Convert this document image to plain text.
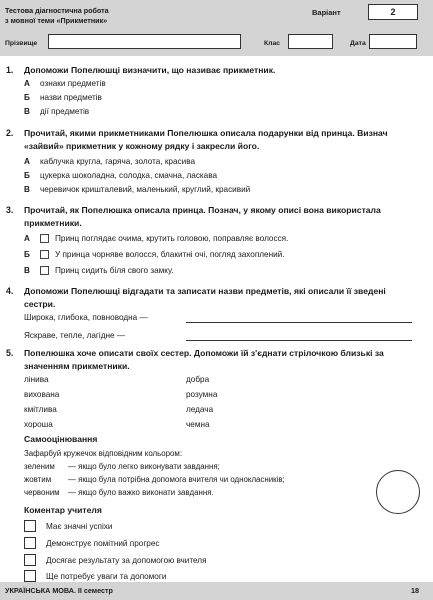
Тестова діагностична робота
з мовної теми «Прикметник»
Варіант	2
Прізвище	Клас	Дата
1. Допоможи Попелюшці визначити, що називає прикметник.
А ознаки предметів
Б назви предметів
В дії предметів
2. Прочитай, якими прикметниками Попелюшка описала подарунки від принца. Визнач
«зайвий» прикметник у кожному рядку і закресли його.
А каблучка кругла, гаряча, золота, красива
Б цукерка шоколадна, солодка, смачна, ласкава
В черевичок кришталевий, маленький, круглий, красивий
3. Прочитай, як Попелюшка описала принца. Познач, у якому описі вона використала
прикметники.
А	Принц поглядає очима, крутить головою, поправляє волосся.
Б	У принца чорняве волосся, блакитні очі, погляд захоплений.
В	Принц сидить біля свого замку.
4. Допоможи Попелюшці відгадати та записати назви предметів, які описали її зведені
сестри.
Широка, глибока, повноводна —
Яскраве, тепле, лагідне —
5. Попелюшка хоче описати своїх сестер. Допоможи їй з'єднати стрілочкою близькі за
значенням прикметники.
лінива
вихована
кмітлива
хороша
добра
розумна
ледача
чемна
Самооцінювання
Зафарбуй кружечок відповідним кольором:
зеленим — якщо було легко виконувати завдання;
жовтим — якщо була потрібна допомога вчителя чи однокласників;
червоним — якщо було важко виконати завдання.
Коментар учителя
Має значні успіхи
Демонструє помітний прогрес
Досягає результату за допомогою вчителя
Ще потребує уваги та допомоги
УКРАЇНСЬКА МОВА. ІІ семестр	18
